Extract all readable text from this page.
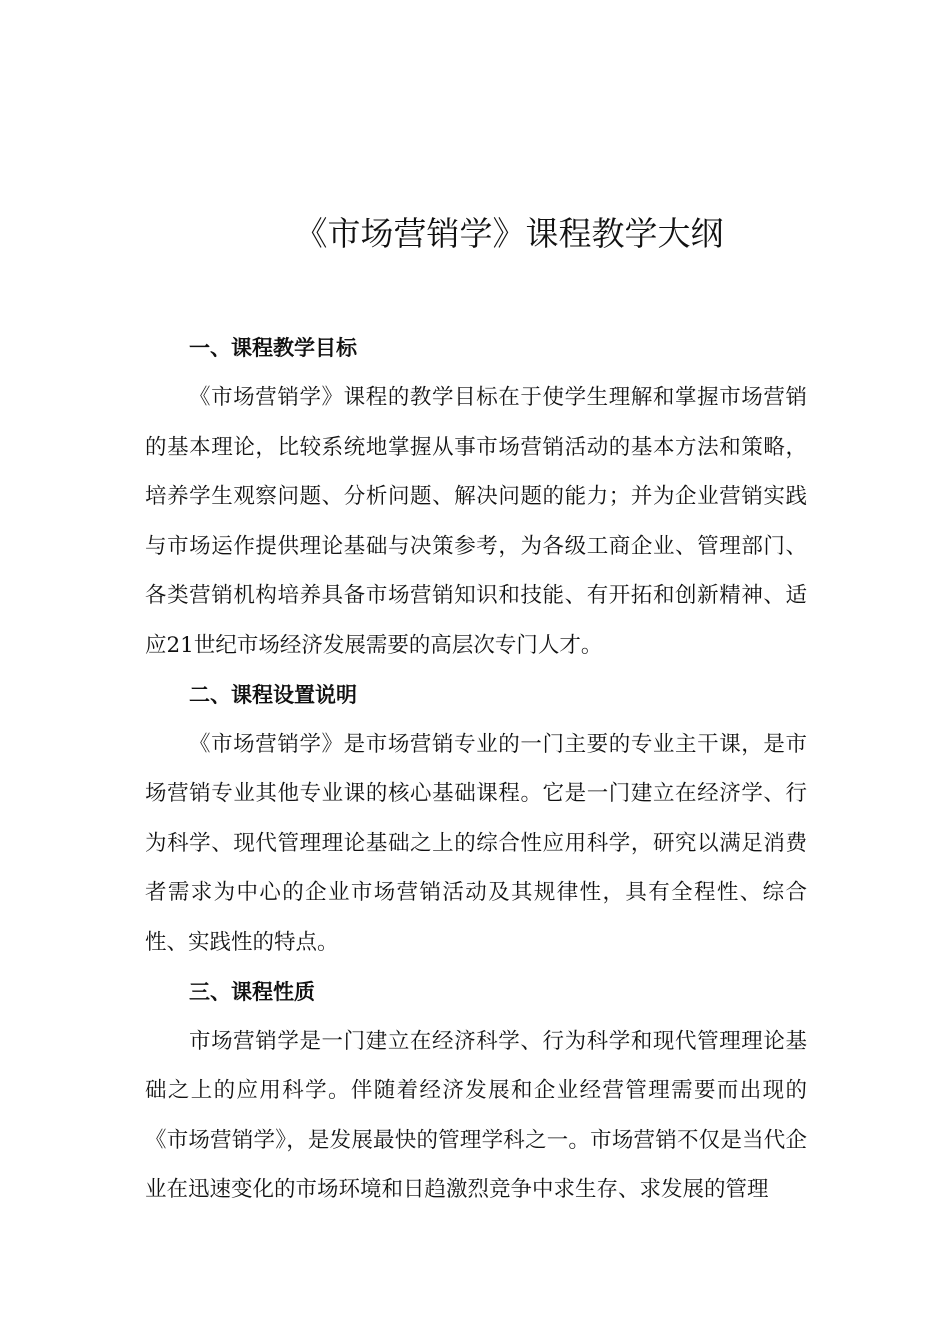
《市场营销学》课程教学大纲
一、课程教学目标

《市场营销学》课程的教学目标在于使学生理解和掌握市场营销的基本理论，比较系统地掌握从事市场营销活动的基本方法和策略，培养学生观察问题、分析问题、解决问题的能力；并为企业营销实践与市场运作提供理论基础与决策参考，为各级工商企业、管理部门、各类营销机构培养具备市场营销知识和技能、有开拓和创新精神、适应21世纪市场经济发展需要的高层次专门人才。

二、课程设置说明

《市场营销学》是市场营销专业的一门主要的专业主干课，是市场营销专业其他专业课的核心基础课程。它是一门建立在经济学、行为科学、现代管理理论基础之上的综合性应用科学，研究以满足消费者需求为中心的企业市场营销活动及其规律性，具有全程性、综合性、实践性的特点。

三、课程性质

市场营销学是一门建立在经济科学、行为科学和现代管理理论基础之上的应用科学。伴随着经济发展和企业经营管理需要而出现的《市场营销学》，是发展最快的管理学科之一。市场营销不仅是当代企业在迅速变化的市场环境和日趋激烈竞争中求生存、求发展的管理
